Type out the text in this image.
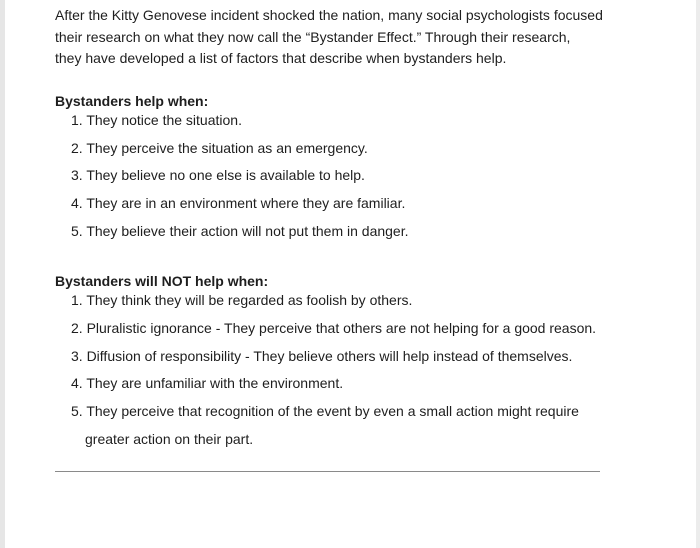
After the Kitty Genovese incident shocked the nation, many social psychologists focused
their research on what they now call the “Bystander Effect.” Through their research,
they have developed a list of factors that describe when bystanders help.
Bystanders help when:
1. They notice the situation.
2. They perceive the situation as an emergency.
3. They believe no one else is available to help.
4. They are in an environment where they are familiar.
5. They believe their action will not put them in danger.
Bystanders will NOT help when:
1. They think they will be regarded as foolish by others.
2. Pluralistic ignorance - They perceive that others are not helping for a good reason.
3. Diffusion of responsibility - They believe others will help instead of themselves.
4. They are unfamiliar with the environment.
5. They perceive that recognition of the event by even a small action might require
greater action on their part.
